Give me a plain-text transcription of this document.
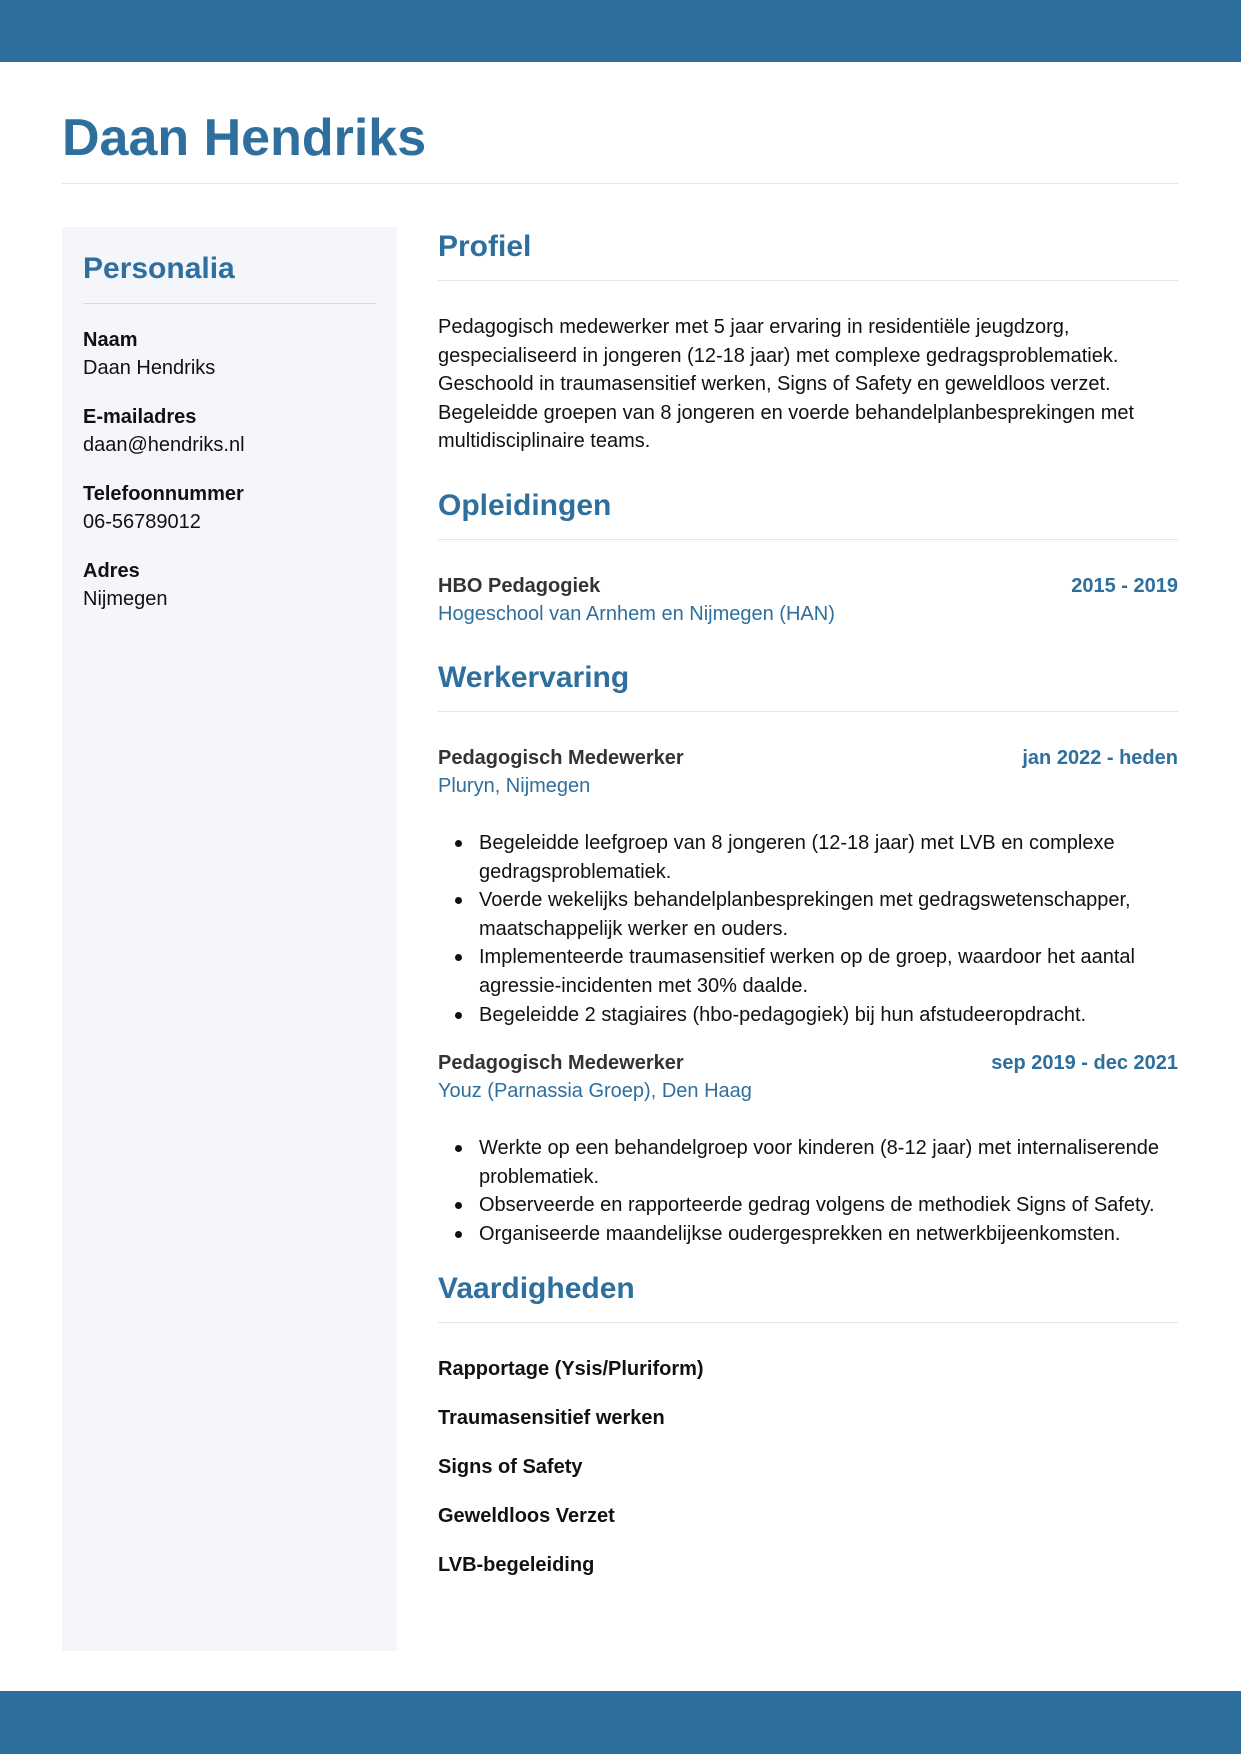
Daan Hendriks
Personalia
Naam
Daan Hendriks
E-mailadres
daan@hendriks.nl
Telefoonnummer
06-56789012
Adres
Nijmegen
Profiel

Pedagogisch medewerker met 5 jaar ervaring in residentiële jeugdzorg, gespecialiseerd in jongeren (12-18 jaar) met complexe gedragsproblematiek. Geschoold in traumasensitief werken, Signs of Safety en geweldloos verzet. Begeleidde groepen van 8 jongeren en voerde behandelplanbesprekingen met multidisciplinaire teams.

Opleidingen
HBO Pedagogiek	2015 - 2019
Hogeschool van Arnhem en Nijmegen (HAN)
Werkervaring
Pedagogisch Medewerker	jan 2022 - heden
Pluryn, Nijmegen
Begeleidde leefgroep van 8 jongeren (12-18 jaar) met LVB en complexe gedragsproblematiek.
Voerde wekelijks behandelplanbesprekingen met gedragswetenschapper, maatschappelijk werker en ouders.
Implementeerde traumasensitief werken op de groep, waardoor het aantal agressie-incidenten met 30% daalde.
Begeleidde 2 stagiaires (hbo-pedagogiek) bij hun afstudeeropdracht.
Pedagogisch Medewerker	sep 2019 - dec 2021
Youz (Parnassia Groep), Den Haag
Werkte op een behandelgroep voor kinderen (8-12 jaar) met internaliserende problematiek.
Observeerde en rapporteerde gedrag volgens de methodiek Signs of Safety.
Organiseerde maandelijkse oudergesprekken en netwerkbijeenkomsten.
Vaardigheden
Rapportage (Ysis/Pluriform)
Traumasensitief werken
Signs of Safety
Geweldloos Verzet
LVB-begeleiding
